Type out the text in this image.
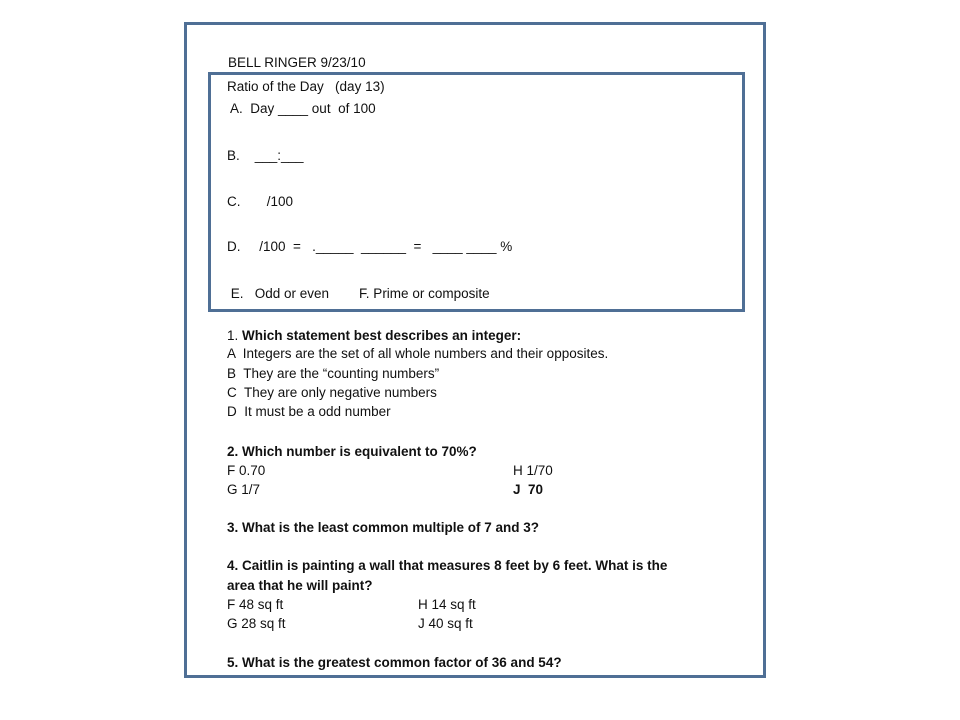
BELL RINGER 9/23/10
Ratio of the Day   (day 13)
A.  Day ____ out  of 100
B.    ___:___
C.       /100
D.     /100  =   ._____  ______  =   ____ ____ %
E.   Odd or even        F. Prime or composite
1. Which statement best describes an integer:
A  Integers are the set of all whole numbers and their opposites.
B  They are the “counting numbers”
C  They are only negative numbers
D  It must be a odd number
2. Which number is equivalent to 70%?
F 0.70	H 1/70
G 1/7	J  70
3. What is the least common multiple of 7 and 3?
4. Caitlin is painting a wall that measures 8 feet by 6 feet. What is the
area that he will paint?
F 48 sq ft	H 14 sq ft
G 28 sq ft	J 40 sq ft
5. What is the greatest common factor of 36 and 54?
